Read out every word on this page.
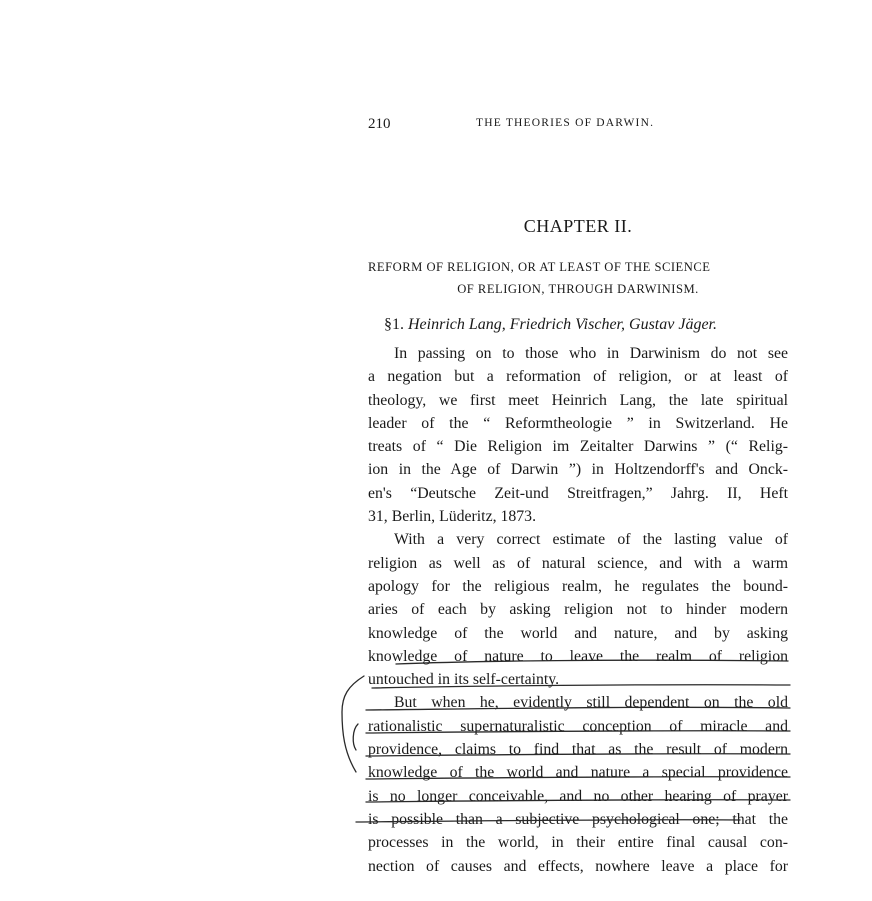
210	THE THEORIES OF DARWIN.
CHAPTER II.
REFORM OF RELIGION, OR AT LEAST OF THE SCIENCE
OF RELIGION, THROUGH DARWINISM.
§1. Heinrich Lang, Friedrich Vischer, Gustav Jäger.
In passing on to those who in Darwinism do not see
a negation but a reformation of religion, or at least of
theology, we first meet Heinrich Lang, the late spiritual
leader of the “ Reformtheologie ” in Switzerland. He
treats of “ Die Religion im Zeitalter Darwins ” (“ Relig-
ion in the Age of Darwin ”) in Holtzendorff's and Onck-
en's “Deutsche Zeit-und Streitfragen,” Jahrg. II, Heft
31, Berlin, Lüderitz, 1873.
With a very correct estimate of the lasting value of
religion as well as of natural science, and with a warm
apology for the religious realm, he regulates the bound-
aries of each by asking religion not to hinder modern
knowledge of the world and nature, and by asking
knowledge of nature to leave the realm of religion
untouched in its self-certainty.
But when he, evidently still dependent on the old
rationalistic supernaturalistic conception of miracle and
providence, claims to find that as the result of modern
knowledge of the world and nature a special providence
is no longer conceivable, and no other hearing of prayer
is possible than a subjective psychological one; that the
processes in the world, in their entire final causal con-
nection of causes and effects, nowhere leave a place for
